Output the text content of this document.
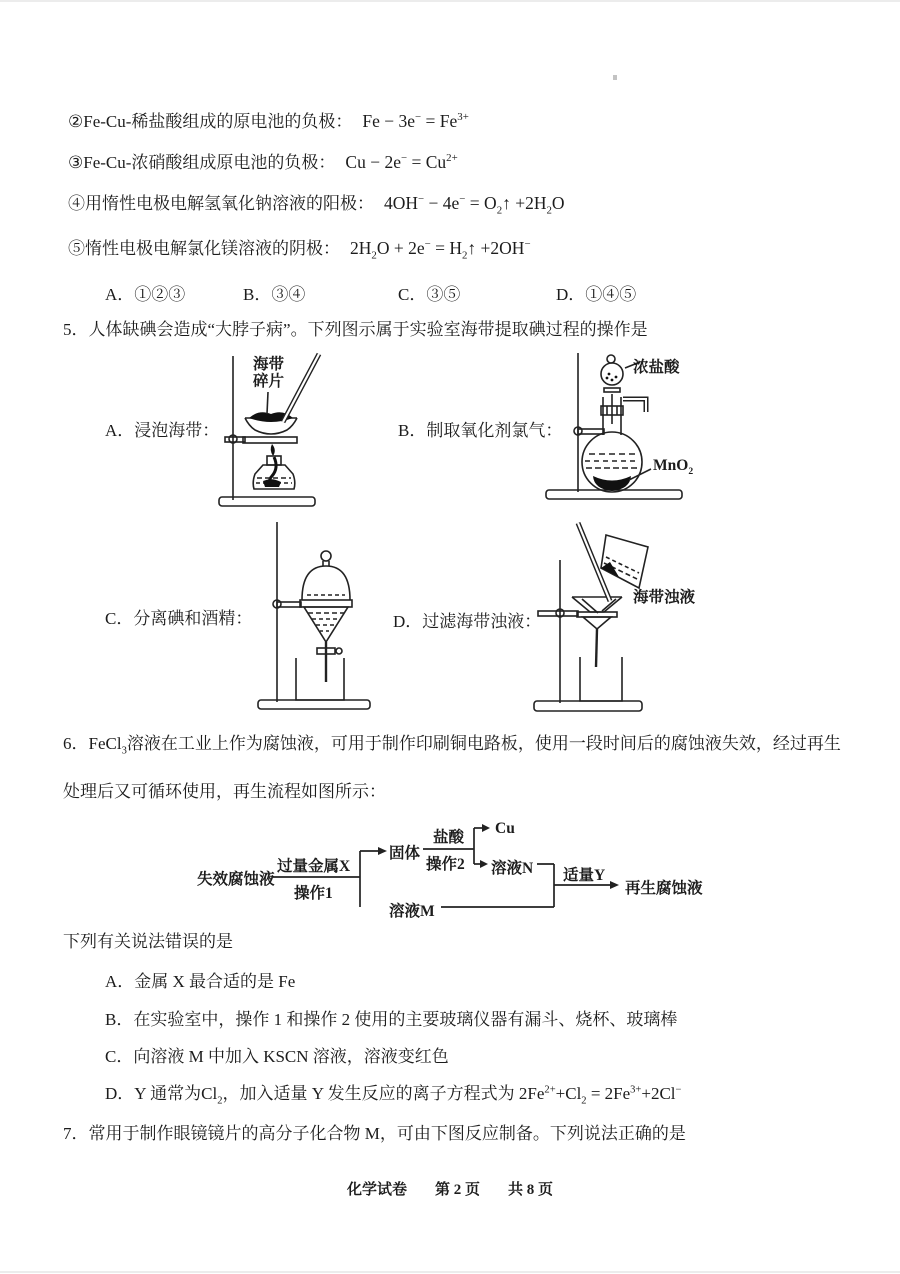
②Fe-Cu-稀盐酸组成的原电池的负极： $Fe - 3e^- = Fe^{3+}$
③Fe-Cu-浓硝酸组成原电池的负极： $Cu - 2e^- = Cu^{2+}$
④用惰性电极电解氢氧化钠溶液的阳极： $4OH^- - 4e^- = O_2↑ +2H_2O$
⑤惰性电极电解氯化镁溶液的阴极： $2H_2O + 2e^-$ = $H_2↑ +2OH^-$
A．①②③	B．③④	C．③⑤	D．①④⑤
5．人体缺碘会造成“大脖子病”。下列图示属于实验室海带提取碘过程的操作是
A．浸泡海带：	B．制取氧化剂氯气：
C．分离碘和酒精：	D．过滤海带浊液：
海带
碎片
浓盐酸
MnO$_2$
海带浊液
6．FeCl$_3$溶液在工业上作为腐蚀液，可用于制作印刷铜电路板，使用一段时间后的腐蚀液失效，经过再生
处理后又可循环使用，再生流程如图所示：
失效腐蚀液
过量金属X
操作1
固体
盐酸
操作2
Cu
溶液N
溶液M
适量Y
再生腐蚀液
下列有关说法错误的是
A．金属 X 最合适的是 Fe
B．在实验室中，操作 1 和操作 2 使用的主要玻璃仪器有漏斗、烧杯、玻璃棒
C．向溶液 M 中加入 KSCN 溶液，溶液变红色
D．Y 通常为$Cl_2$，加入适量 Y 发生反应的离子方程式为 $2Fe^{2+}+Cl_2 = 2Fe^{3+}+2Cl^-$
7．常用于制作眼镜镜片的高分子化合物 M，可由下图反应制备。下列说法正确的是
化学试卷 第 2 页 共 8 页
